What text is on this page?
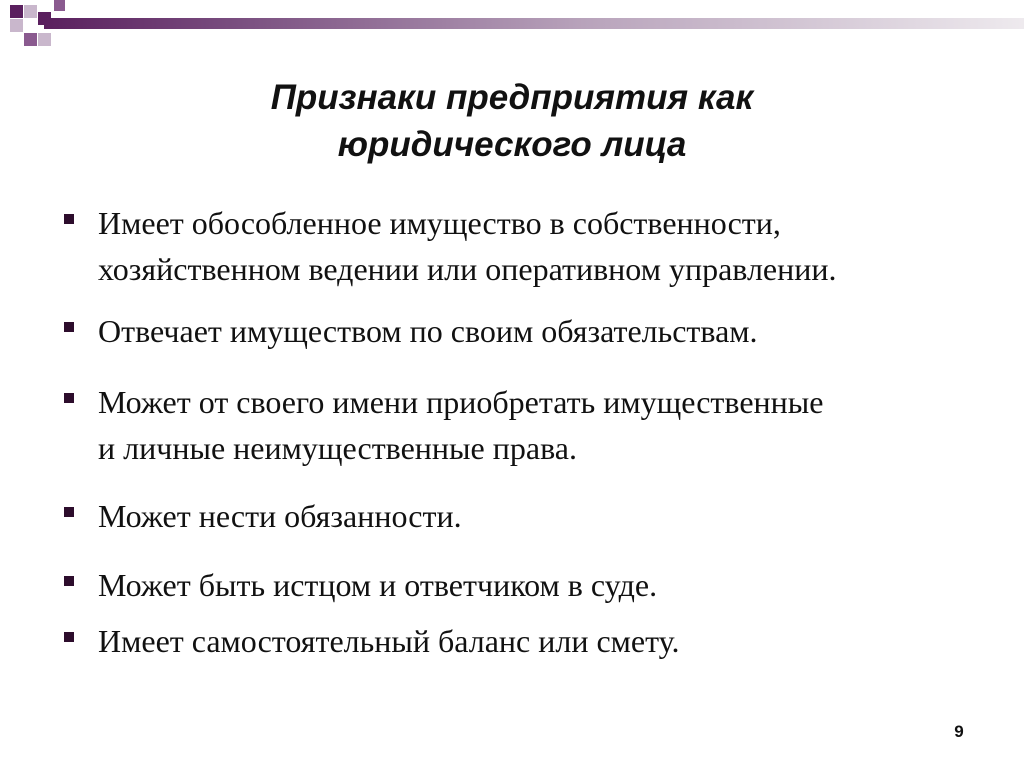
Признаки предприятия как
юридического лица
Имеет обособленное имущество в собственности,
хозяйственном ведении или оперативном управлении.
Отвечает имуществом по своим обязательствам.
Может от своего имени приобретать имущественные
и личные неимущественные права.
Может нести обязанности.
Может быть истцом и ответчиком в суде.
Имеет самостоятельный баланс или смету.
9
